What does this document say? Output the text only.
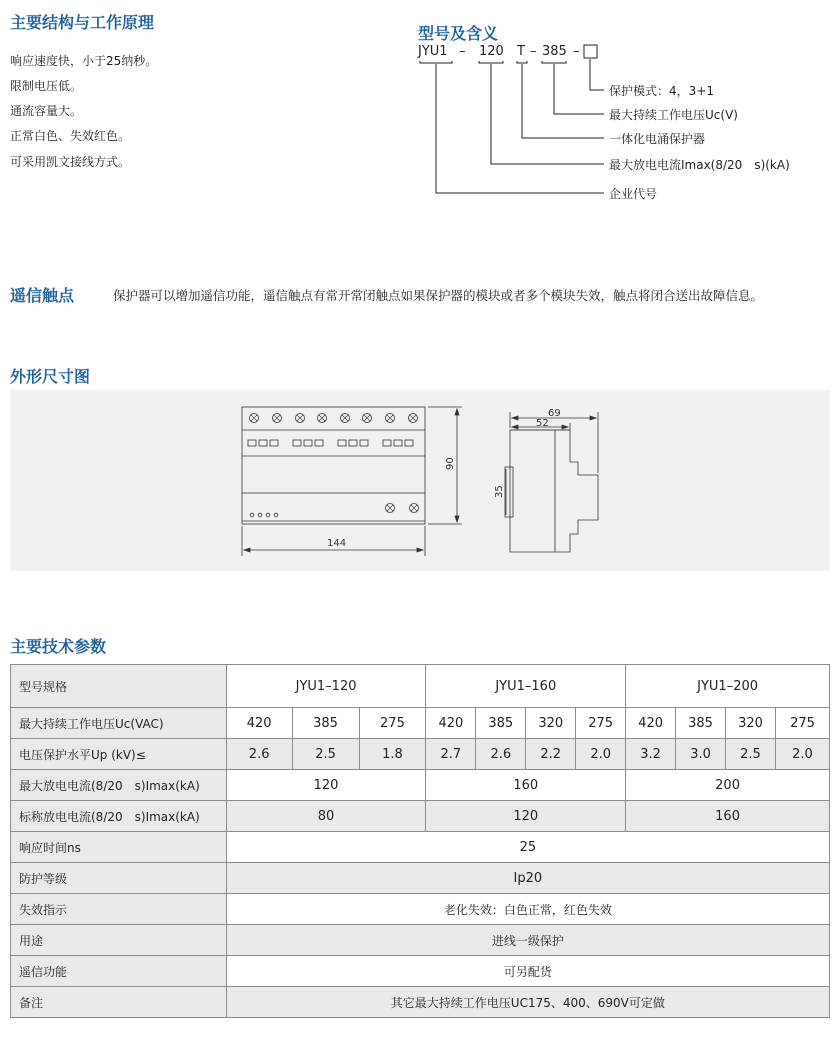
主要结构与工作原理
响应速度快，小于25纳秒。
限制电压低。
通流容量大。
正常白色、失效红色。
可采用凯文接线方式。
型号及含义
JYU1 – 120 T – 385 –
保护模式：4，3+1
最大持续工作电压Uc(V)
一体化电涌保护器
最大放电电流Imax(8/20　s)(kA)
企业代号
遥信触点	保护器可以增加遥信功能，遥信触点有常开常闭触点如果保护器的模块或者多个模块失效，触点将闭合送出故障信息。
外形尺寸图
144
90
35
69
52
主要技术参数
型号规格	JYU1–120			JYU1–160				JYU1–200			
最大持续工作电压Uc(VAC)	420	385	275	420	385	320	275	420	385	320	275
电压保护水平Up (kV)≤	2.6	2.5	1.8	2.7	2.6	2.2	2.0	3.2	3.0	2.5	2.0
最大放电电流(8/20　s)Imax(kA)	120			160				200			
标称放电电流(8/20　s)Imax(kA)	80			120				160			
响应时间ns	25										
防护等级	Ip20										
失效指示	老化失效：白色正常，红色失效										
用途	进线一级保护										
遥信功能	可另配货										
备注	其它最大持续工作电压UC175、400、690V可定做										
